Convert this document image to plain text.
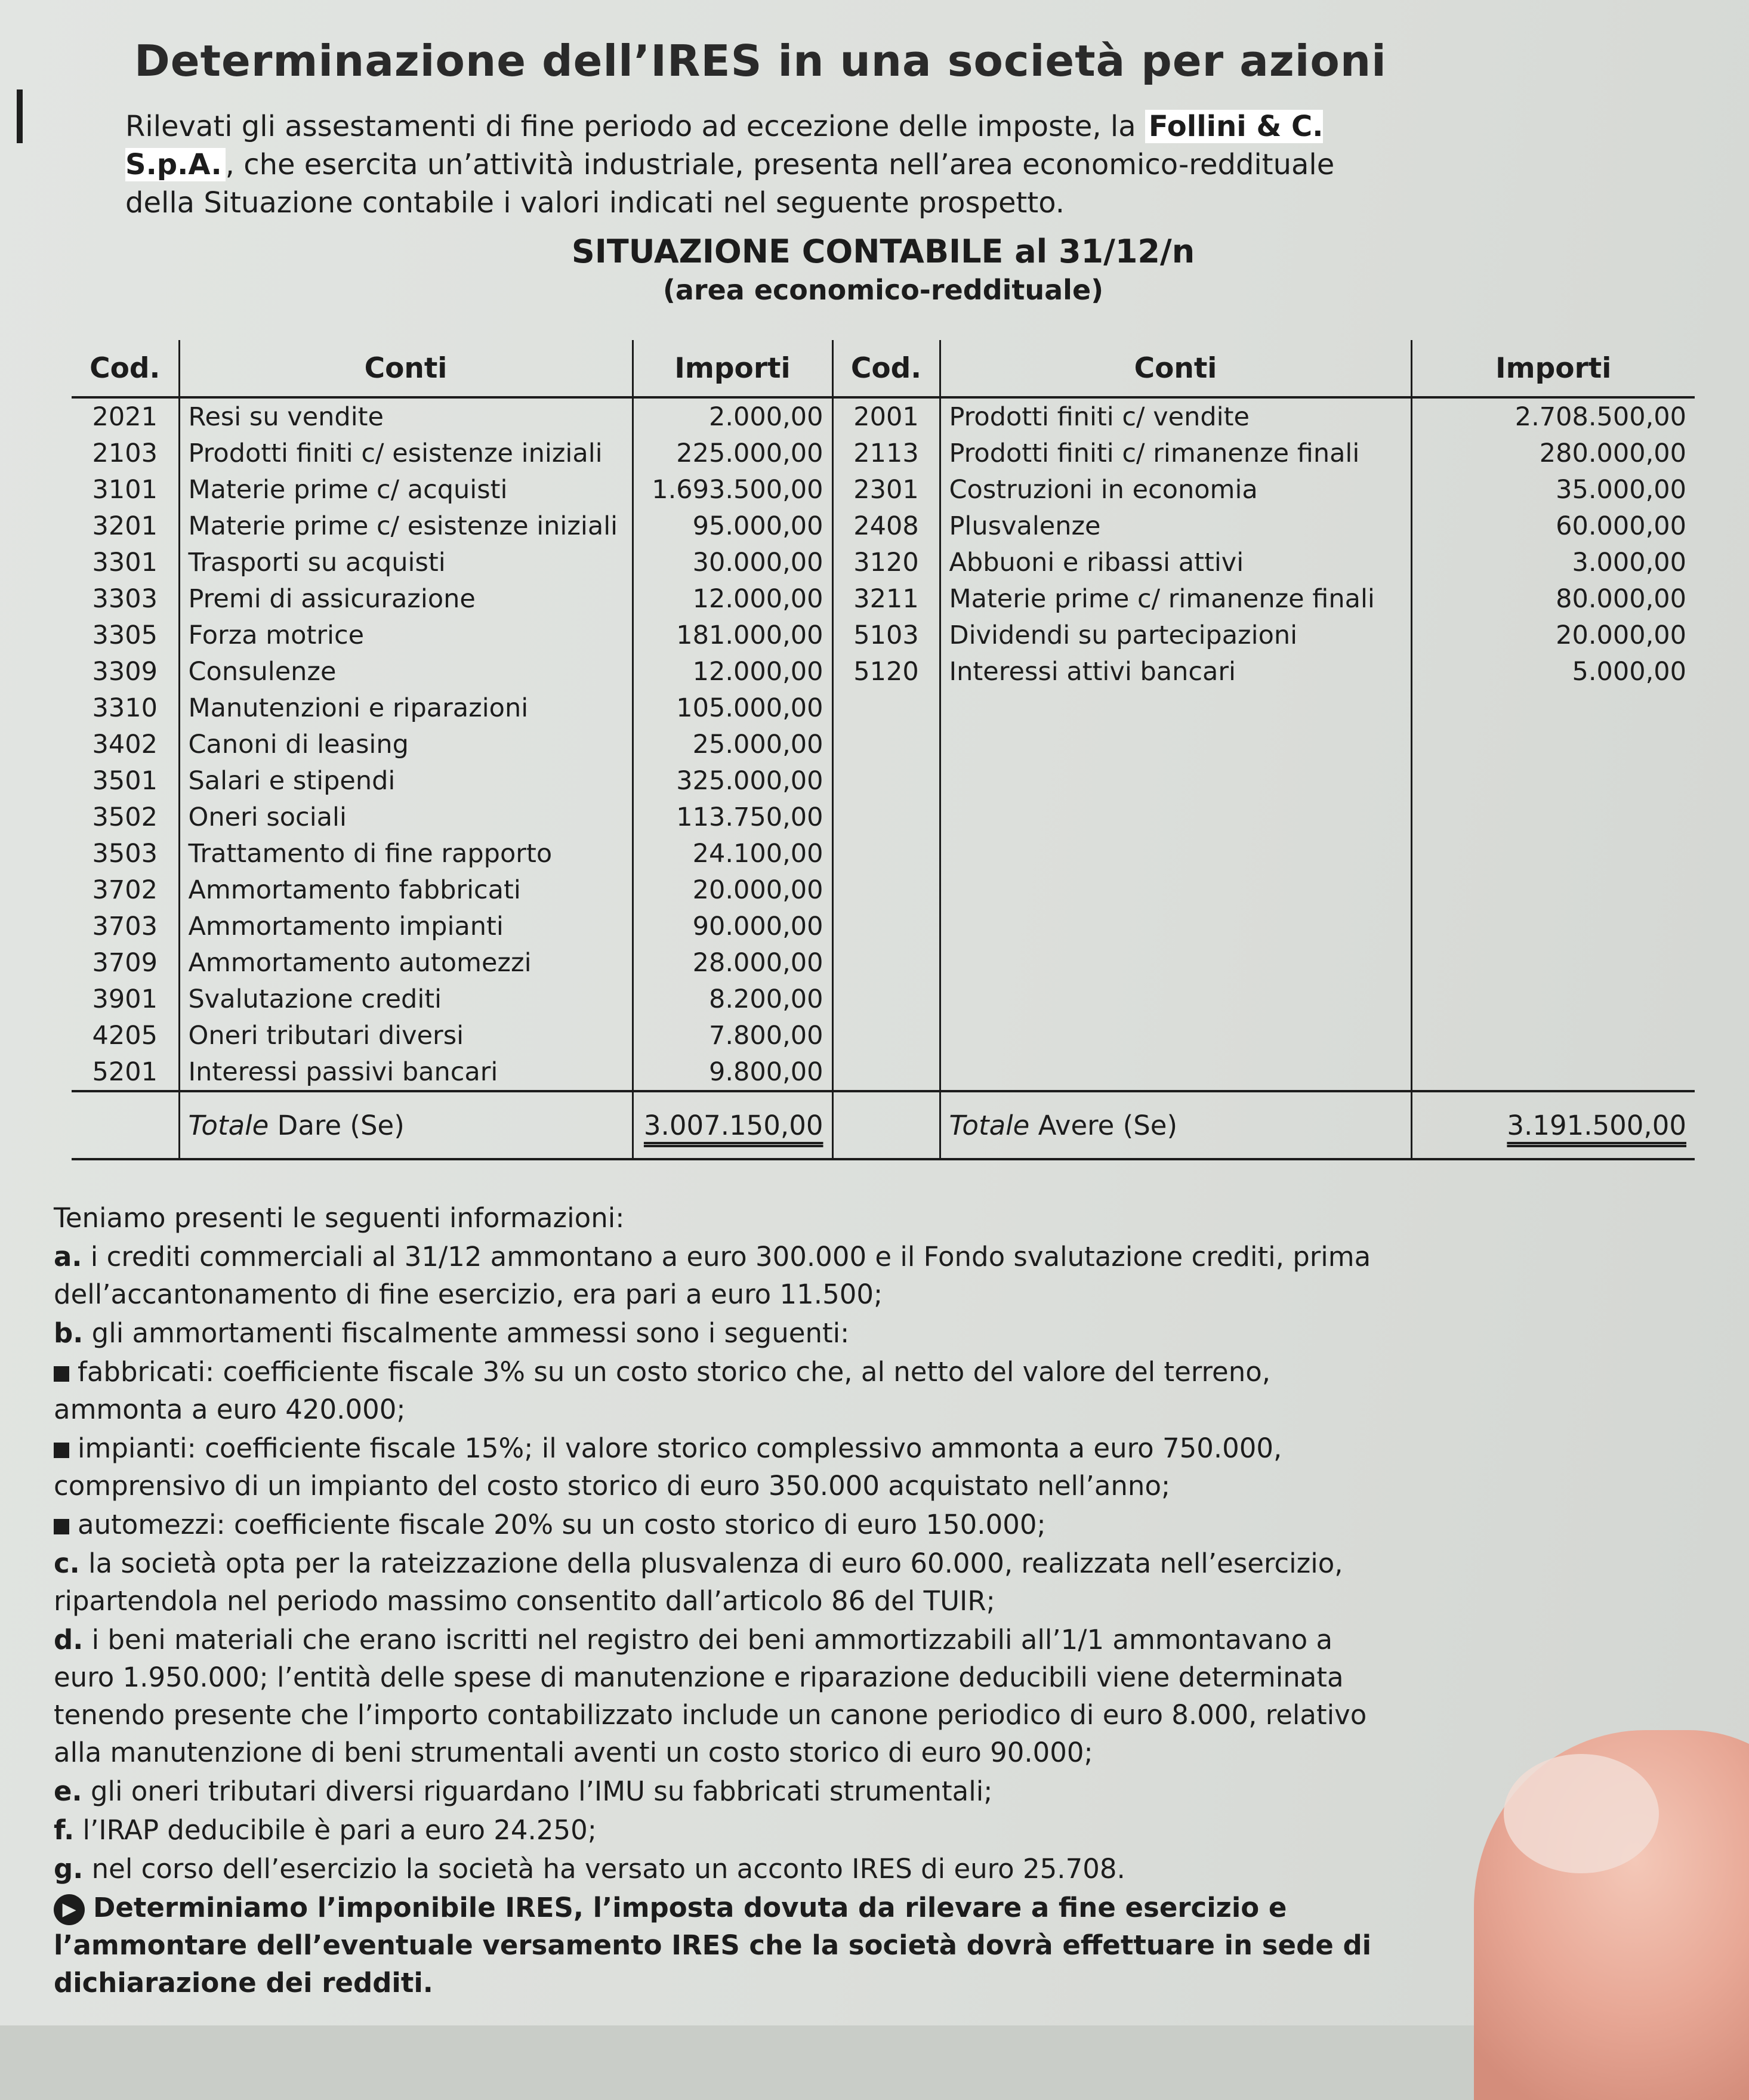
Determinazione dell’IRES in una società per azioni

Rilevati gli assestamenti di fine periodo ad eccezione delle imposte, la Follini & C. S.p.A. , che esercita un’attività industriale, presenta nell’area economico-reddituale della Situazione contabile i valori indicati nel seguente prospetto.

SITUAZIONE CONTABILE al 31/12/n
(area economico-reddituale)
Cod.	Conti	Importi	Cod.	Conti	Importi
2021	Resi su vendite	2.000,00	2001	Prodotti finiti c/ vendite	2.708.500,00
2103	Prodotti finiti c/ esistenze iniziali	225.000,00	2113	Prodotti finiti c/ rimanenze finali	280.000,00
3101	Materie prime c/ acquisti	1.693.500,00	2301	Costruzioni in economia	35.000,00
3201	Materie prime c/ esistenze iniziali	95.000,00	2408	Plusvalenze	60.000,00
3301	Trasporti su acquisti	30.000,00	3120	Abbuoni e ribassi attivi	3.000,00
3303	Premi di assicurazione	12.000,00	3211	Materie prime c/ rimanenze finali	80.000,00
3305	Forza motrice	181.000,00	5103	Dividendi su partecipazioni	20.000,00
3309	Consulenze	12.000,00	5120	Interessi attivi bancari	5.000,00
3310	Manutenzioni e riparazioni	105.000,00			
3402	Canoni di leasing	25.000,00			
3501	Salari e stipendi	325.000,00			
3502	Oneri sociali	113.750,00			
3503	Trattamento di fine rapporto	24.100,00			
3702	Ammortamento fabbricati	20.000,00			
3703	Ammortamento impianti	90.000,00			
3709	Ammortamento automezzi	28.000,00			
3901	Svalutazione crediti	8.200,00			
4205	Oneri tributari diversi	7.800,00			
5201	Interessi passivi bancari	9.800,00			
	Totale Dare (Se)	3.007.150,00		Totale Avere (Se)	3.191.500,00

Teniamo presenti le seguenti informazioni:

a. i crediti commerciali al 31/12 ammontano a euro 300.000 e il Fondo svalutazione crediti, prima dell’accantonamento di fine esercizio, era pari a euro 11.500;

b. gli ammortamenti fiscalmente ammessi sono i seguenti:

fabbricati: coefficiente fiscale 3% su un costo storico che, al netto del valore del terreno, ammonta a euro 420.000;

impianti: coefficiente fiscale 15%; il valore storico complessivo ammonta a euro 750.000, comprensivo di un impianto del costo storico di euro 350.000 acquistato nell’anno;

automezzi: coefficiente fiscale 20% su un costo storico di euro 150.000;

c. la società opta per la rateizzazione della plusvalenza di euro 60.000, realizzata nell’esercizio, ripartendola nel periodo massimo consentito dall’articolo 86 del TUIR;

d. i beni materiali che erano iscritti nel registro dei beni ammortizzabili all’1/1 ammontavano a euro 1.950.000; l’entità delle spese di manutenzione e riparazione deducibili viene determinata tenendo presente che l’importo contabilizzato include un canone periodico di euro 8.000, relativo alla manutenzione di beni strumentali aventi un costo storico di euro 90.000;

e. gli oneri tributari diversi riguardano l’IMU su fabbricati strumentali;

f. l’IRAP deducibile è pari a euro 24.250;

g. nel corso dell’esercizio la società ha versato un acconto IRES di euro 25.708.

▶ Determiniamo l’imponibile IRES, l’imposta dovuta da rilevare a fine esercizio e l’ammontare dell’eventuale versamento IRES che la società dovrà effettuare in sede di dichiarazione dei redditi.
